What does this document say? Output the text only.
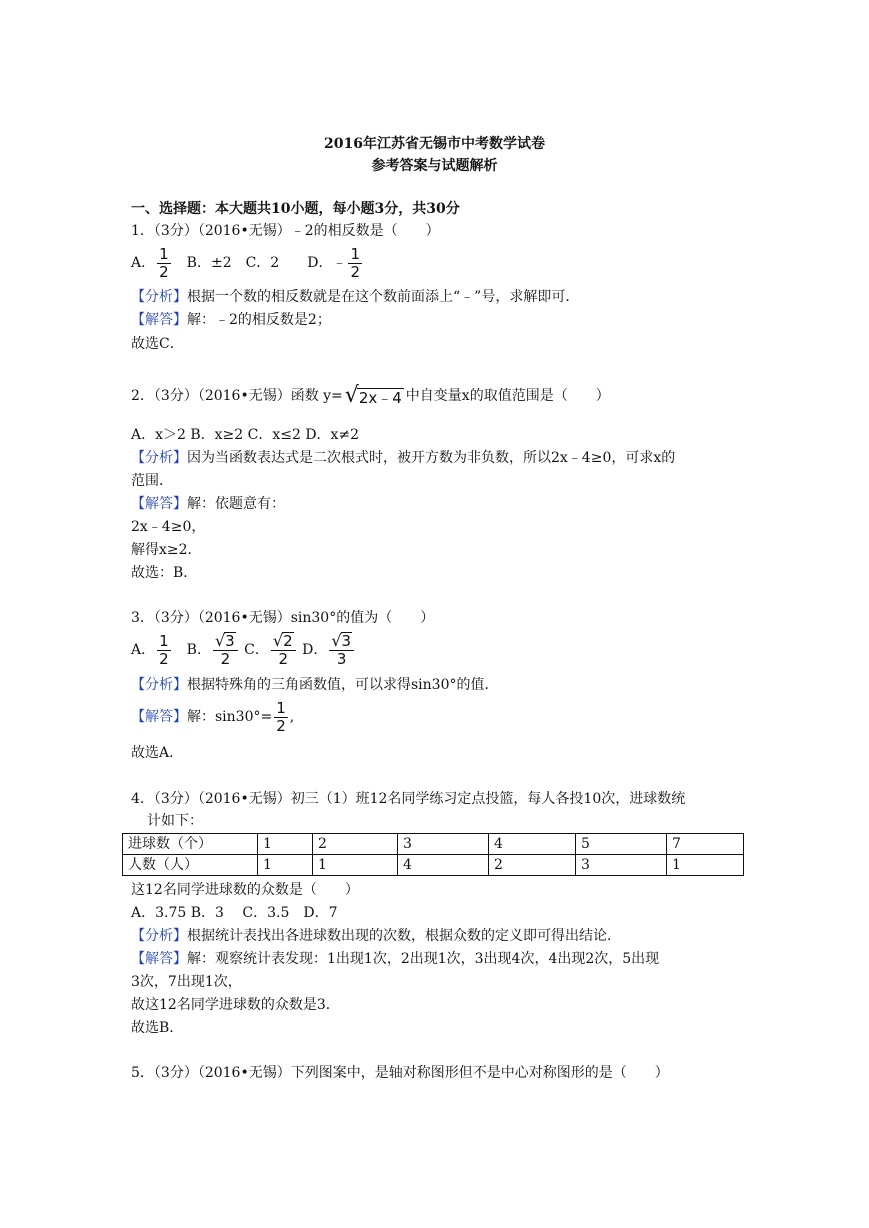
2016年江苏省无锡市中考数学试卷
参考答案与试题解析
一、选择题：本大题共10小题，每小题3分，共30分
1．（3分）（2016•无锡）﹣2的相反数是（　　）
A． $\frac{1}{2}$ 　B．±2　C．2　　D．﹣ $\frac{1}{2}$
【分析】根据一个数的相反数就是在这个数前面添上“﹣”号，求解即可．
【解答】解：﹣2的相反数是2；
故选C．
2．（3分）（2016•无锡）函数 y= √ 2x﹣4 中自变量x的取值范围是（　　）
A．x＞2 B．x≥2 C．x≤2 D．x≠2
【分析】因为当函数表达式是二次根式时，被开方数为非负数，所以2x﹣4≥0，可求x的
范围．
【解答】解：依题意有：
2x﹣4≥0，
解得x≥2．
故选：B．
3．（3分）（2016•无锡）sin30°的值为（　　）
A． $\frac{1}{2}$ 　B． $\frac{√ 3}{2}$ C． $\frac{√ 2}{2}$ D． $\frac{√ 3}{3}$
【分析】根据特殊角的三角函数值，可以求得sin30°的值．
【解答】解：$\sin 30^\circ= \frac{1}{2}$ ,
故选A．
4．（3分）（2016•无锡）初三（1）班12名同学练习定点投篮，每人各投10次，进球数统
计如下：
进球数（个）	1	2	3	4	5	7
人数（人）	1	1	4	2	3	1
这12名同学进球数的众数是（　　）
A．3.75 B．3　 C．3.5　D．7
【分析】根据统计表找出各进球数出现的次数，根据众数的定义即可得出结论．
【解答】解：观察统计表发现：1出现1次，2出现1次，3出现4次，4出现2次，5出现
3次，7出现1次，
故这12名同学进球数的众数是3．
故选B．
5．（3分）（2016•无锡）下列图案中，是轴对称图形但不是中心对称图形的是（　　）
